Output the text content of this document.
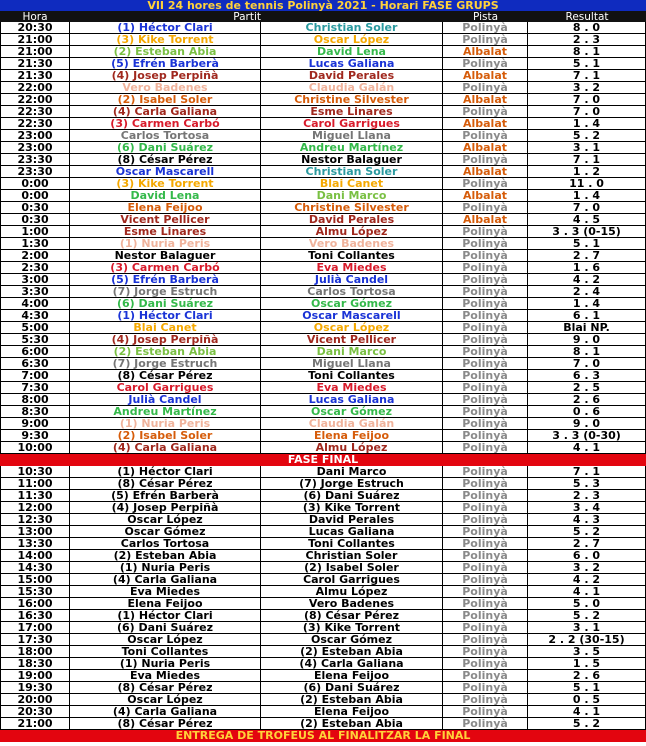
VII 24 hores de tennis Polinyà 2021 - Horari FASE GRUPS
Hora	Partit	Pista	Resultat
20:30	(1) Héctor Clari	Christian Soler	Polinyà	8 . 0
21:00	(3) Kike Torrent	Oscar López	Polinyà	2 . 3
21:00	(2) Esteban Abia	David Lena	Albalat	8 . 1
21:30	(5) Efrén Barberà	Lucas Galiana	Polinyà	5 . 1
21:30	(4) Josep Perpiñà	David Perales	Albalat	7 . 1
22:00	Vero Badenes	Claudia Galán	Polinyà	3 . 2
22:00	(2) Isabel Soler	Christine Silvester	Albalat	7 . 0
22:30	(4) Carla Galiana	Esme Linares	Polinyà	7 . 0
22:30	(3) Carmen Carbó	Carol Garrigues	Albalat	1 . 4
23:00	Carlos Tortosa	Miguel Llana	Polinyà	5 . 2
23:00	(6) Dani Suárez	Andreu Martínez	Albalat	3 . 1
23:30	(8) César Pérez	Nestor Balaguer	Polinyà	7 . 1
23:30	Oscar Mascarell	Christian Soler	Albalat	1 . 2
0:00	(3) Kike Torrent	Blai Canet	Polinyà	11 . 0
0:00	David Lena	Dani Marco	Albalat	1 . 4
0:30	Elena Feijoo	Christine Silvester	Polinyà	7 . 0
0:30	Vicent Pellicer	David Perales	Albalat	4 . 5
1:00	Esme Linares	Almu López	Polinyà	3 . 3 (0-15)
1:30	(1) Nuria Peris	Vero Badenes	Polinyà	5 . 1
2:00	Nestor Balaguer	Toni Collantes	Polinyà	2 . 7
2:30	(3) Carmen Carbó	Eva Miedes	Polinyà	1 . 6
3:00	(5) Efrén Barberà	Julià Candel	Polinyà	4 . 2
3:30	(7) Jorge Estruch	Carlos Tortosa	Polinyà	2 . 4
4:00	(6) Dani Suárez	Oscar Gómez	Polinyà	1 . 4
4:30	(1) Héctor Clari	Oscar Mascarell	Polinyà	6 . 1
5:00	Blai Canet	Oscar López	Polinyà	Blai NP.
5:30	(4) Josep Perpiñà	Vicent Pellicer	Polinyà	9 . 0
6:00	(2) Esteban Abia	Dani Marco	Polinyà	8 . 1
6:30	(7) Jorge Estruch	Miguel Llana	Polinyà	7 . 0
7:00	(8) César Pérez	Toni Collantes	Polinyà	6 . 3
7:30	Carol Garrigues	Eva Miedes	Polinyà	2 . 5
8:00	Julià Candel	Lucas Galiana	Polinyà	2 . 6
8:30	Andreu Martínez	Oscar Gómez	Polinyà	0 . 6
9:00	(1) Nuria Peris	Claudia Galán	Polinyà	9 . 0
9:30	(2) Isabel Soler	Elena Feijoo	Polinyà	3 . 3 (0-30)
10:00	(4) Carla Galiana	Almu López	Polinyà	4 . 1
FASE FINAL
10:30	(1) Héctor Clari	Dani Marco	Polinyà	7 . 1
11:00	(8) César Pérez	(7) Jorge Estruch	Polinyà	5 . 3
11:30	(5) Efrén Barberà	(6) Dani Suárez	Polinyà	2 . 3
12:00	(4) Josep Perpiñà	(3) Kike Torrent	Polinyà	3 . 4
12:30	Oscar López	David Perales	Polinyà	4 . 3
13:00	Oscar Gómez	Lucas Galiana	Polinyà	5 . 2
13:30	Carlos Tortosa	Toni Collantes	Polinyà	2 . 7
14:00	(2) Esteban Abia	Christian Soler	Polinyà	6 . 0
14:30	(1) Nuria Peris	(2) Isabel Soler	Polinyà	3 . 2
15:00	(4) Carla Galiana	Carol Garrigues	Polinyà	4 . 2
15:30	Eva Miedes	Almu López	Polinyà	4 . 1
16:00	Elena Feijoo	Vero Badenes	Polinyà	5 . 0
16:30	(1) Héctor Clari	(8) César Pérez	Polinyà	5 . 2
17:00	(6) Dani Suárez	(3) Kike Torrent	Polinyà	3 . 1
17:30	Oscar López	Oscar Gómez	Polinyà	2 . 2 (30-15)
18:00	Toni Collantes	(2) Esteban Abia	Polinyà	3 . 5
18:30	(1) Nuria Peris	(4) Carla Galiana	Polinyà	1 . 5
19:00	Eva Miedes	Elena Feijoo	Polinyà	2 . 6
19:30	(8) César Pérez	(6) Dani Suárez	Polinyà	5 . 1
20:00	Oscar López	(2) Esteban Abia	Polinyà	0 . 5
20:30	(4) Carla Galiana	Elena Feijoo	Polinyà	4 . 1
21:00	(8) César Pérez	(2) Esteban Abia	Polinyà	5 . 2
ENTREGA DE TROFEUS AL FINALITZAR LA FINAL
